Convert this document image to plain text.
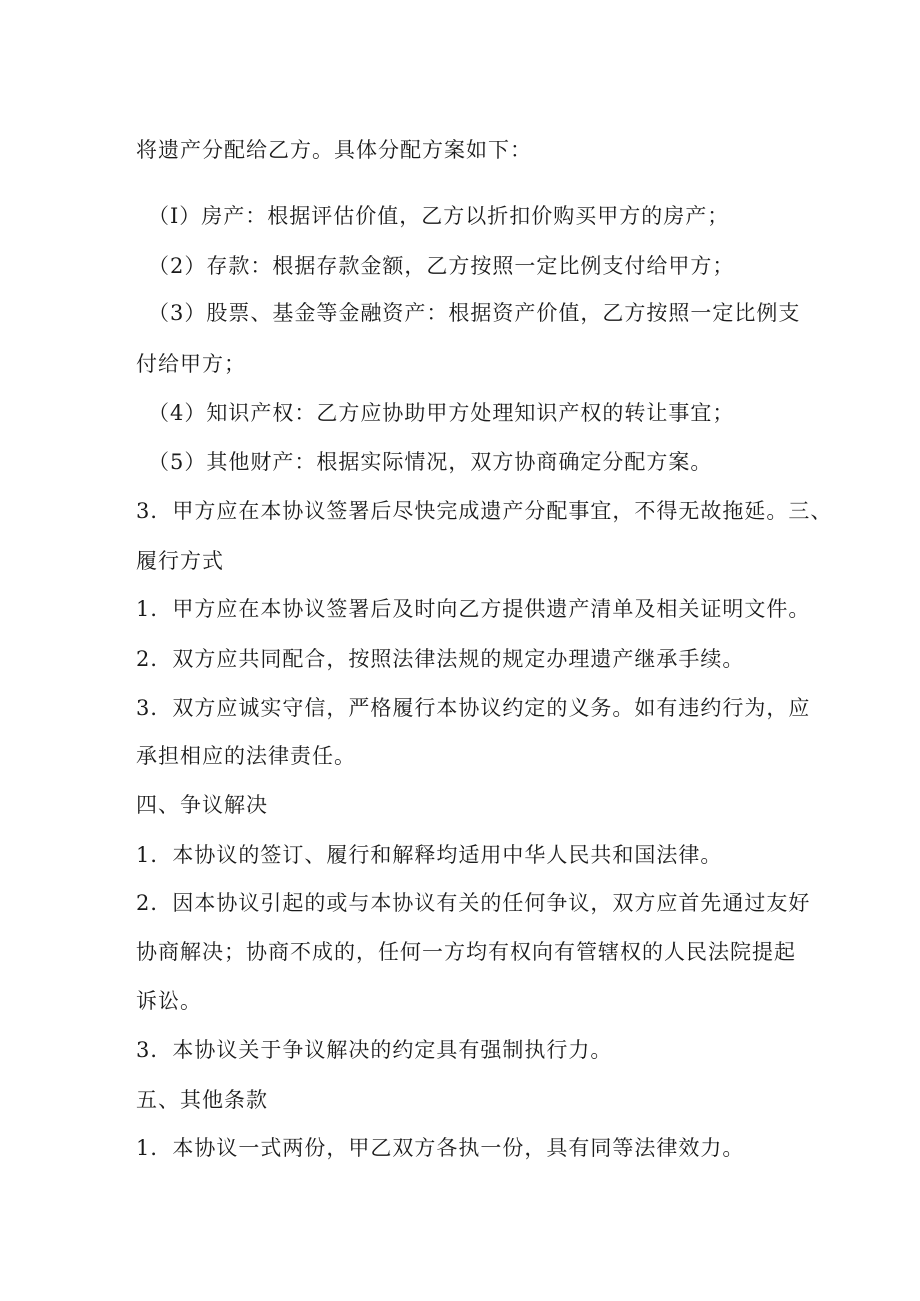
将遗产分配给乙方。具体分配方案如下：
（I）房产：根据评估价值，乙方以折扣价购买甲方的房产；
（2）存款：根据存款金额，乙方按照一定比例支付给甲方；
（3）股票、基金等金融资产：根据资产价值，乙方按照一定比例支
付给甲方；
（4）知识产权：乙方应协助甲方处理知识产权的转让事宜；
（5）其他财产：根据实际情况，双方协商确定分配方案。
3．甲方应在本协议签署后尽快完成遗产分配事宜，不得无故拖延。三、
履行方式
1．甲方应在本协议签署后及时向乙方提供遗产清单及相关证明文件。
2．双方应共同配合，按照法律法规的规定办理遗产继承手续。
3．双方应诚实守信，严格履行本协议约定的义务。如有违约行为，应
承担相应的法律责任。
四、争议解决
1．本协议的签订、履行和解释均适用中华人民共和国法律。
2．因本协议引起的或与本协议有关的任何争议，双方应首先通过友好
协商解决；协商不成的，任何一方均有权向有管辖权的人民法院提起
诉讼。
3．本协议关于争议解决的约定具有强制执行力。
五、其他条款
1．本协议一式两份，甲乙双方各执一份，具有同等法律效力。
